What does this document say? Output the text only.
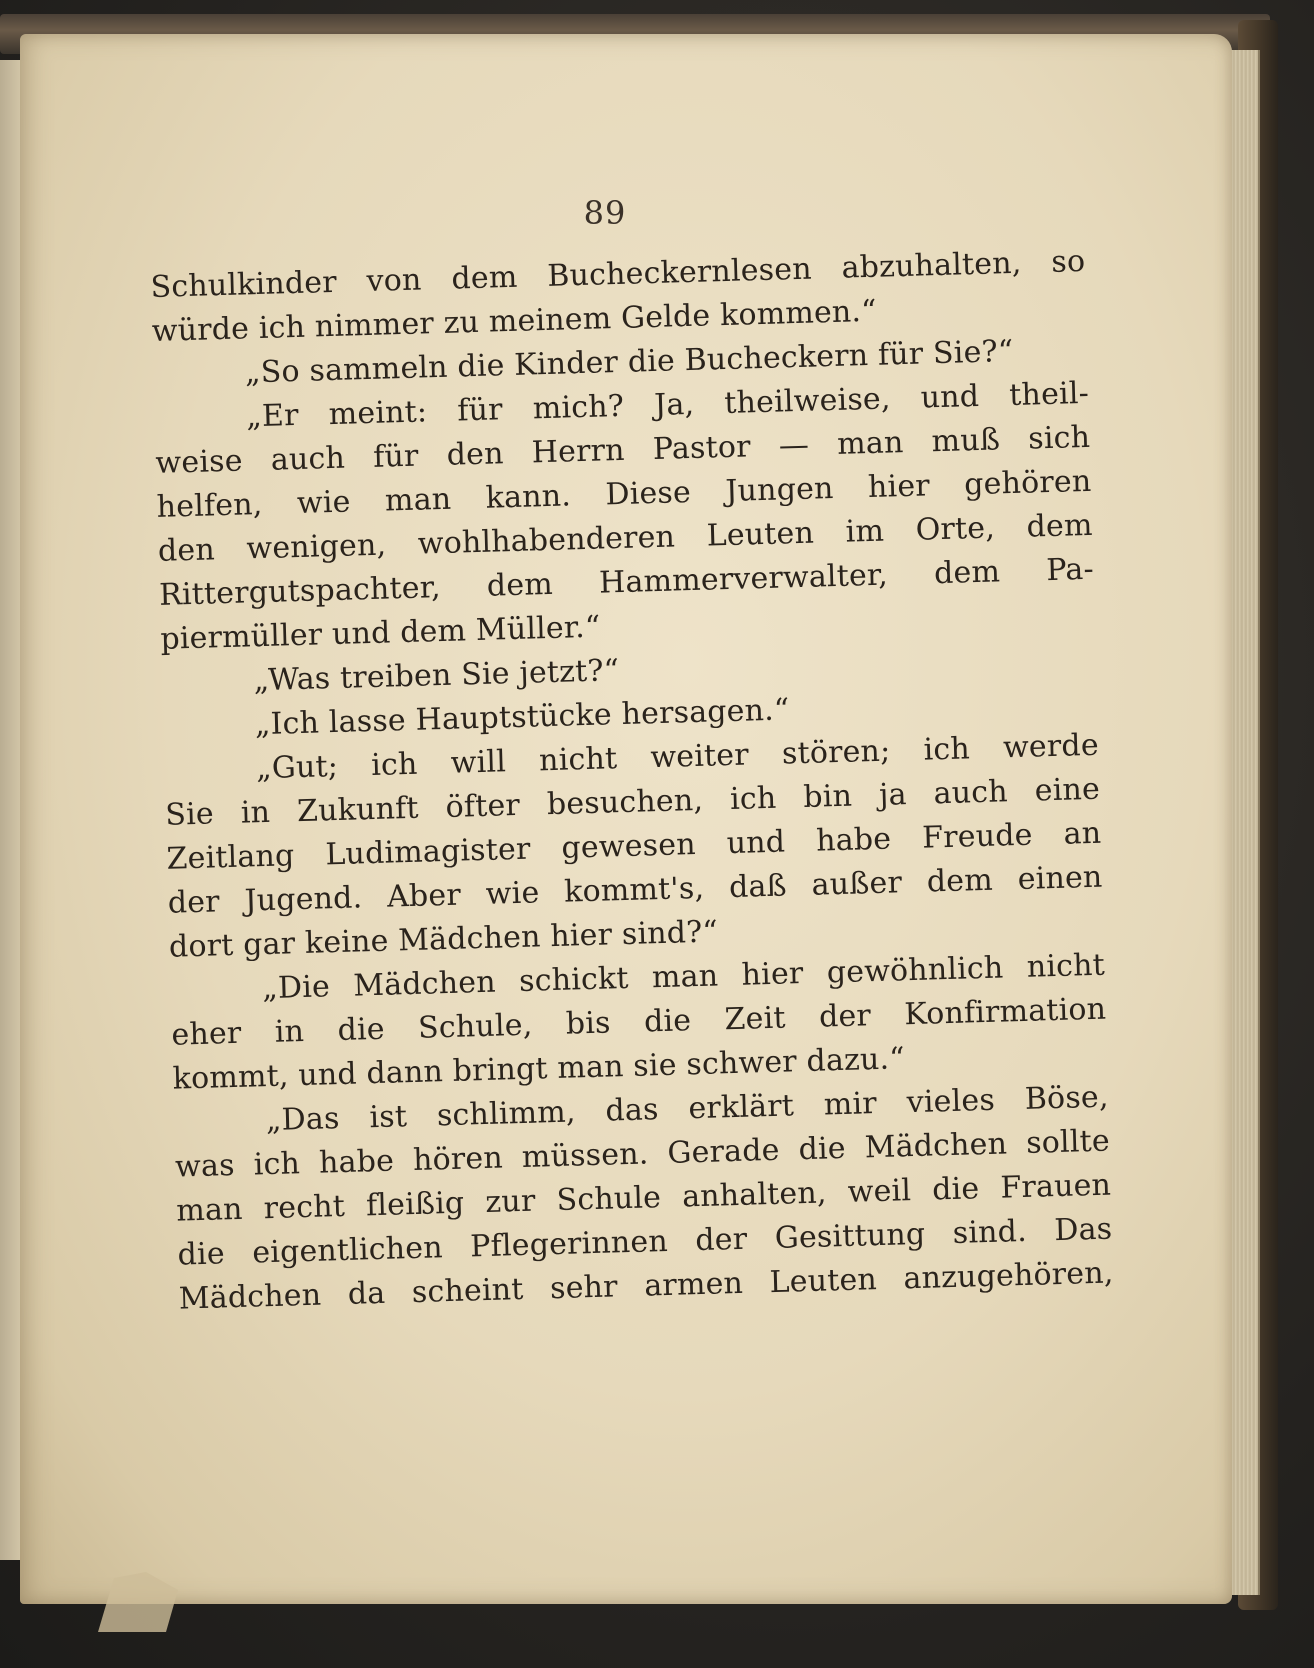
89
Schulkinder von dem Bucheckernlesen abzuhalten, so
würde ich nimmer zu meinem Gelde kommen.“
„So sammeln die Kinder die Bucheckern für Sie?“
„Er meint: für mich? Ja, theilweise, und theil-
weise auch für den Herrn Pastor — man muß sich
helfen, wie man kann. Diese Jungen hier gehören
den wenigen, wohlhabenderen Leuten im Orte, dem
Rittergutspachter, dem Hammerverwalter, dem Pa-
piermüller und dem Müller.“
„Was treiben Sie jetzt?“
„Ich lasse Hauptstücke hersagen.“
„Gut; ich will nicht weiter stören; ich werde
Sie in Zukunft öfter besuchen, ich bin ja auch eine
Zeitlang Ludimagister gewesen und habe Freude an
der Jugend. Aber wie kommt's, daß außer dem einen
dort gar keine Mädchen hier sind?“
„Die Mädchen schickt man hier gewöhnlich nicht
eher in die Schule, bis die Zeit der Konfirmation
kommt, und dann bringt man sie schwer dazu.“
„Das ist schlimm, das erklärt mir vieles Böse,
was ich habe hören müssen. Gerade die Mädchen sollte
man recht fleißig zur Schule anhalten, weil die Frauen
die eigentlichen Pflegerinnen der Gesittung sind. Das
Mädchen da scheint sehr armen Leuten anzugehören,
